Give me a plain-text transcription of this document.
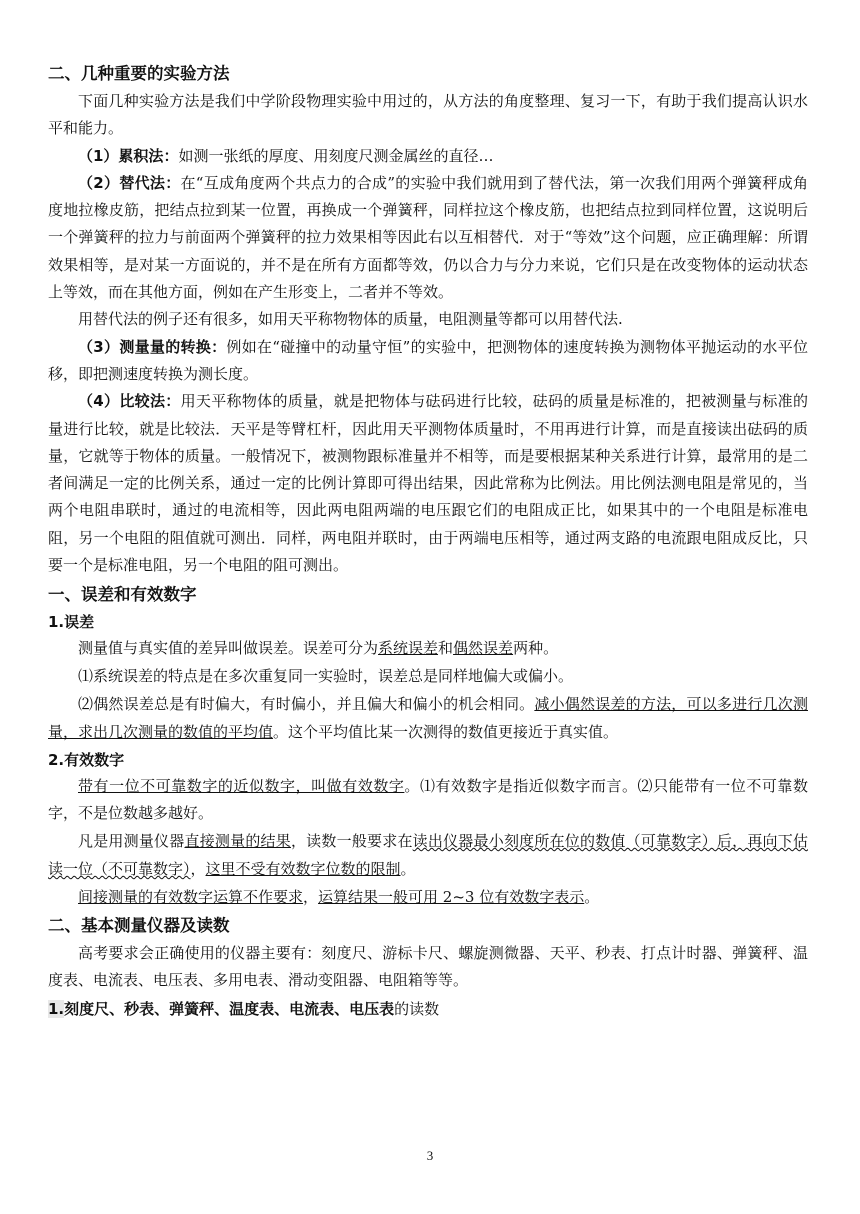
二、几种重要的实验方法

下面几种实验方法是我们中学阶段物理实验中用过的，从方法的角度整理、复习一下，有助于我们提高认识水平和能力。

（1）累积法：如测一张纸的厚度、用刻度尺测金属丝的直径…

（2）替代法：在“互成角度两个共点力的合成”的实验中我们就用到了替代法，第一次我们用两个弹簧秤成角度地拉橡皮筋，把结点拉到某一位置，再换成一个弹簧秤，同样拉这个橡皮筋，也把结点拉到同样位置，这说明后一个弹簧秤的拉力与前面两个弹簧秤的拉力效果相等因此右以互相替代．对于“等效”这个问题，应正确理解：所谓效果相等，是对某一方面说的，并不是在所有方面都等效，仍以合力与分力来说，它们只是在改变物体的运动状态上等效，而在其他方面，例如在产生形变上，二者并不等效。

用替代法的例子还有很多，如用天平称物物体的质量，电阻测量等都可以用替代法.

（3）测量量的转换：例如在“碰撞中的动量守恒”的实验中，把测物体的速度转换为测物体平抛运动的水平位移，即把测速度转换为测长度。

（4）比较法：用天平称物体的质量，就是把物体与砝码进行比较，砝码的质量是标准的，把被测量与标准的量进行比较，就是比较法．天平是等臂杠杆，因此用天平测物体质量时，不用再进行计算，而是直接读出砝码的质量，它就等于物体的质量。一般情况下，被测物跟标准量并不相等，而是要根据某种关系进行计算，最常用的是二者间满足一定的比例关系，通过一定的比例计算即可得出结果，因此常称为比例法。用比例法测电阻是常见的，当两个电阻串联时，通过的电流相等，因此两电阻两端的电压跟它们的电阻成正比，如果其中的一个电阻是标准电阻，另一个电阻的阻值就可测出．同样，两电阻并联时，由于两端电压相等，通过两支路的电流跟电阻成反比，只要一个是标准电阻，另一个电阻的阻可测出。

一、误差和有效数字

1.误差

测量值与真实值的差异叫做误差。误差可分为系统误差和偶然误差两种。

⑴系统误差的特点是在多次重复同一实验时，误差总是同样地偏大或偏小。

⑵偶然误差总是有时偏大，有时偏小，并且偏大和偏小的机会相同。减小偶然误差的方法，可以多进行几次测量，求出几次测量的数值的平均值。这个平均值比某一次测得的数值更接近于真实值。

2.有效数字

带有一位不可靠数字的近似数字，叫做有效数字。⑴有效数字是指近似数字而言。⑵只能带有一位不可靠数字，不是位数越多越好。

凡是用测量仪器直接测量的结果，读数一般要求在读出仪器最小刻度所在位的数值（可靠数字）后，再向下估读一位（不可靠数字），这里不受有效数字位数的限制。

间接测量的有效数字运算不作要求，运算结果一般可用 2~3 位有效数字表示。

二、基本测量仪器及读数

高考要求会正确使用的仪器主要有：刻度尺、游标卡尺、螺旋测微器、天平、秒表、打点计时器、弹簧秤、温度表、电流表、电压表、多用电表、滑动变阻器、电阻箱等等。

1.刻度尺、秒表、弹簧秤、温度表、电流表、电压表的读数

3
